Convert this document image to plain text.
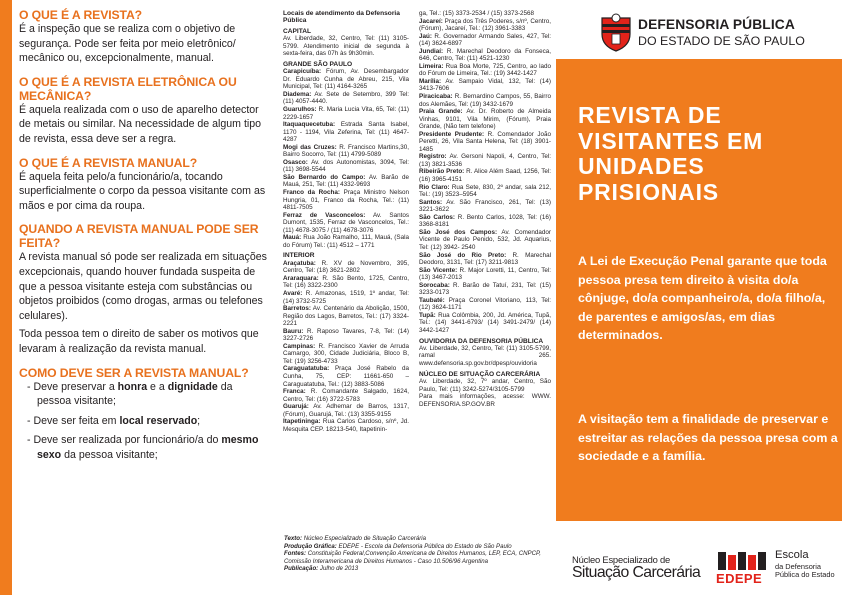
O QUE É A REVISTA?

É a inspeção que se realiza com o objetivo de segurança. Pode ser feita por meio eletrônico/ mecânico ou, excepcionalmente, manual.

O QUE É A REVISTA ELETRÔNICA OU MECÂNICA?

É aquela realizada com o uso de aparelho detector de metais ou similar. Na necessidade de algum tipo de revista, essa deve ser a regra.

O QUE É A REVISTA MANUAL?

É aquela feita pelo/a funcionário/a, tocando superficialmente o corpo da pessoa visitante com as mãos e por cima da roupa.

QUANDO A REVISTA MANUAL PODE SER FEITA?

A revista manual só pode ser realizada em situações excepcionais, quando houver fundada suspeita de que a pessoa visitante esteja com substâncias ou objetos proibidos (como drogas, armas ou telefones celulares).

Toda pessoa tem o direito de saber os motivos que levaram à realização da revista manual.

COMO DEVE SER A REVISTA MANUAL?
- Deve preservar a honra e a dignidade da pessoa visitante;
- Deve ser feita em local reservado;
- Deve ser realizada por funcionário/a do mesmo sexo da pessoa visitante;
Locais de atendimento da Defensoria Pública
CAPITAL
Av. Liberdade, 32, Centro, Tel: (11) 3105-5799. Atendimento inicial de segunda à sexta-feira, das 07h às 9h30min.
GRANDE SÃO PAULO
Carapicuíba: Fórum, Av. Desembargador Dr. Eduardo Cunha de Abreu, 215, Vila Municipal, Tel: (11) 4164-3265
Diadema: Av. Sete de Setembro, 399 Tel: (11) 4057-4440.
Guarulhos: R. Maria Lucia Vita, 65, Tel: (11) 2229-1657
Itaquaquecetuba: Estrada Santa Isabel, 1170 - 1194, Vila Zeferina, Tel: (11) 4647-4287
Mogi das Cruzes: R. Francisco Martins,30, Bairro Socorro, Tel: (11) 4799-5089
Osasco: Av. dos Autonomistas, 3094, Tel: (11) 3698-5544
São Bernardo do Campo: Av. Barão de Mauá, 251, Tel: (11) 4332-9693
Franco da Rocha: Praça Ministro Nelson Hungria, 01, Franco da Rocha, Tel.: (11) 4811-7505
Ferraz de Vasconcelos: Av. Santos Dumont, 1535, Ferraz de Vasconcelos, Tel.: (11) 4678-3075 / (11) 4678-3076
Mauá: Rua João Ramalho, 111, Mauá, (Sala do Fórum) Tel.: (11) 4512 – 1771
INTERIOR
Araçatuba: R. XV de Novembro, 395, Centro, Tel: (18) 3621-2802
Araraquara: R. São Bento, 1725, Centro, Tel: (16) 3322-2300
Avaré: R. Amazonas, 1519, 1º andar, Tel: (14) 3732-5725
Barretos: Av. Centenário da Abolição, 1500, Região dos Lagos, Barretos, Tel.: (17) 3324-2221
Bauru: R. Raposo Tavares, 7-8, Tel: (14) 3227-2726
Campinas: R. Francisco Xavier de Arruda Camargo, 300, Cidade Judiciária, Bloco B, Tel: (19) 3256-4733
Caraguatatuba: Praça José Rabelo da Cunha, 75, CEP: 11661-650 – Caraguatatuba, Tel.: (12) 3883-5086
Franca: R. Comandante Salgado, 1624, Centro, Tel: (16) 3722-5783
Guarujá: Av. Adhemar de Barros, 1317, (Fórum), Guarujá, Tel.: (13) 3355-9155
Itapetininga: Rua Carlos Cardoso, s/nº, Jd. Mesquita CEP. 18213-540, Itapetinin-
ga, Tel.: (15) 3373-2534 / (15) 3373-2568
Jacareí: Praça dos Três Poderes, s/nº, Centro, (Fórum), Jacareí, Tel.: (12) 3961-3383
Jaú: R. Governador Armando Sales, 427, Tel: (14) 3624-6897
Jundiaí: R. Marechal Deodoro da Fonseca, 646, Centro, Tel: (11) 4521-1230
Limeira: Rua Boa Morte, 725, Centro, ao lado do Fórum de Limeira, Tel.: (19) 3442-1427
Marília: Av. Sampaio Vidal, 132, Tel: (14) 3413-7606
Piracicaba: R. Bernardino Campos, 55, Bairro dos Alemães, Tel: (19) 3432-1679
Praia Grande: Av. Dr. Roberto de Almeida Vinhas, 9101, Vila Mirim, (Fórum), Praia Grande, (Não tem telefone)
Presidente Prudente: R. Comendador João Peretti, 26, Vila Santa Helena, Tel: (18) 3901-1485
Registro: Av. Gersoni Napoli, 4, Centro, Tel: (13) 3821-3536
Ribeirão Preto: R. Alice Além Saad, 1256, Tel: (16) 3965-4151
Rio Claro: Rua Sete, 830, 2º andar, sala 212, Tel.: (19) 3523–5954
Santos: Av. São Francisco, 261, Tel: (13) 3221-3622
São Carlos: R. Bento Carlos, 1028, Tel: (16) 3368-8181
São José dos Campos: Av. Comendador Vicente de Paulo Penido, 532, Jd. Aquarius, Tel: (12) 3942- 2540
São José do Rio Preto: R. Marechal Deodoro, 3131, Tel: (17) 3211-9813
São Vicente: R. Major Loretti, 11, Centro, Tel: (13) 3467-2013
Sorocaba: R. Barão de Tatuí, 231, Tel: (15) 3233-0173
Taubaté: Praça Coronel Vitoriano, 113, Tel: (12) 3624-1171
Tupã: Rua Colômbia, 200, Jd. América, Tupã, Tel.: (14) 3441-6793/ (14) 3491-2479/ (14) 3442-1427
OUVIDORIA DA DEFENSORIA PÚBLICA
Av. Liberdade, 32, Centro, Tel: (11) 3105-5799, ramal 265. www.defensoria.sp.gov.br/dpesp/ouvidoria
NÚCLEO DE SITUAÇÃO CARCERÁRIA
Av. Liberdade, 32, 7º andar, Centro, São Paulo, Tel: (11) 3242-5274/3105-5799
Para mais informações, acesse: WWW. DEFENSORIA.SP.GOV.BR
Texto: Núcleo Especializado de Situação Carcerária
Produção Gráfica: EDEPE - Escola da Defensoria Pública do Estado de São Paulo
Fontes: Constituição Federal,Convenção Americana de Direitos Humanos, LEP, ECA, CNPCP, Comissão Interamericana de Direitos Humanos - Caso 10.506/96 Argentina
Publicação: Julho de 2013
DEFENSORIA PÚBLICA
DO ESTADO DE SÃO PAULO
REVISTA DE VISITANTES EM UNIDADES PRISIONAIS

A Lei de Execução Penal garante que toda pessoa presa tem direito à visita do/a cônjuge, do/a companheiro/a, do/a filho/a, de parentes e amigos/as, em dias determinados.

A visitação tem a finalidade de preservar e estreitar as relações da pessoa presa com a sociedade e a família.

Núcleo Especializado de
Situação Carcerária EDEPE
Escola
da Defensoria
Pública do Estado
